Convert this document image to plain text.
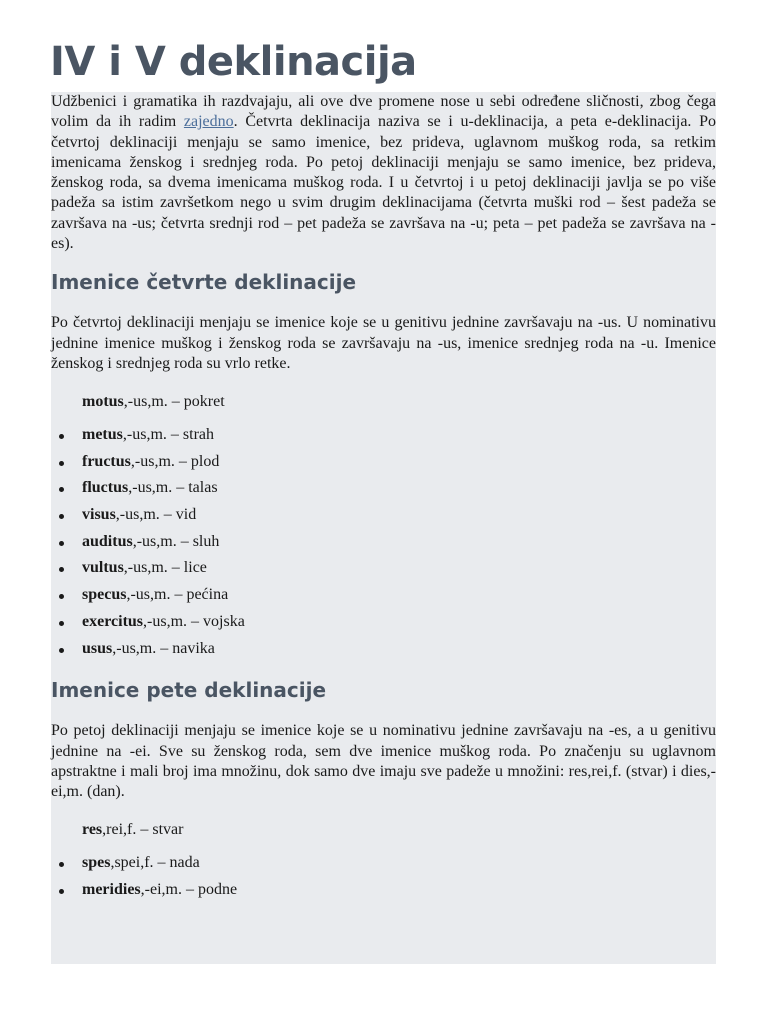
IV i V deklinacija

Udžbenici i gramatika ih razdvajaju, ali ove dve promene nose u sebi određene sličnosti, zbog čega volim da ih radim zajedno. Četvrta deklinacija naziva se i u-deklinacija, a peta e-deklinacija. Po četvrtoj deklinaciji menjaju se samo imenice, bez prideva, uglavnom muškog roda, sa retkim imenicama ženskog i srednjeg roda. Po petoj deklinaciji menjaju se samo imenice, bez prideva, ženskog roda, sa dvema imenicama muškog roda. I u četvrtoj i u petoj deklinaciji javlja se po više padeža sa istim završetkom nego u svim drugim deklinacijama (četvrta muški rod – šest padeža se završava na -us; četvrta srednji rod – pet padeža se završava na -u; peta – pet padeža se završava na -es).

Imenice četvrte deklinacije

Po četvrtoj deklinaciji menjaju se imenice koje se u genitivu jednine završavaju na -us. U nominativu jednine imenice muškog i ženskog roda se završavaju na -us, imenice srednjeg roda na -u. Imenice ženskog i srednjeg roda su vrlo retke.

motus,-us,m. – pokret
metus,-us,m. – strah
fructus,-us,m. – plod
fluctus,-us,m. – talas
visus,-us,m. – vid
auditus,-us,m. – sluh
vultus,-us,m. – lice
specus,-us,m. – pećina
exercitus,-us,m. – vojska
usus,-us,m. – navika
Imenice pete deklinacije

Po petoj deklinaciji menjaju se imenice koje se u nominativu jednine završavaju na -es, a u genitivu jednine na -ei. Sve su ženskog roda, sem dve imenice muškog roda. Po značenju su uglavnom apstraktne i mali broj ima množinu, dok samo dve imaju sve padeže u množini: res,rei,f. (stvar) i dies,-ei,m. (dan).

res,rei,f. – stvar
spes,spei,f. – nada
meridies,-ei,m. – podne
